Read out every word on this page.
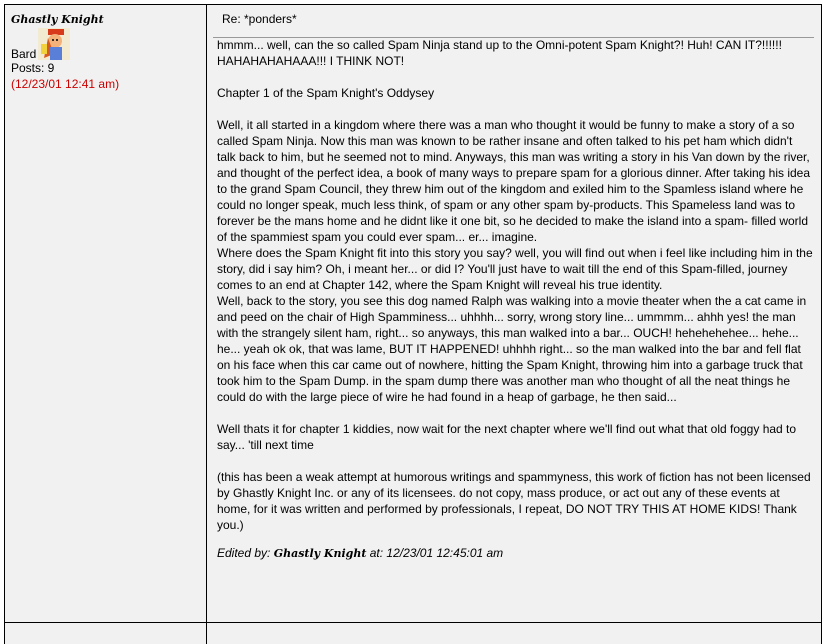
Ghastly Knight
Bard
Posts: 9
(12/23/01 12:41 am)
Re: *ponders*

hmmm... well, can the so called Spam Ninja stand up to the Omni-potent Spam Knight?! Huh! CAN IT?!!!!!! HAHAHAHAHAAA!!! I THINK NOT!

Chapter 1 of the Spam Knight's Oddysey

Well, it all started in a kingdom where there was a man who thought it would be funny to make a story of a so called Spam Ninja. Now this man was known to be rather insane and often talked to his pet ham which didn't talk back to him, but he seemed not to mind. Anyways, this man was writing a story in his Van down by the river, and thought of the perfect idea, a book of many ways to prepare spam for a glorious dinner. After taking his idea to the grand Spam Council, they threw him out of the kingdom and exiled him to the Spamless island where he could no longer speak, much less think, of spam or any other spam by-products. This Spameless land was to forever be the mans home and he didnt like it one bit, so he decided to make the island into a spam- filled world of the spammiest spam you could ever spam... er... imagine.
Where does the Spam Knight fit into this story you say? well, you will find out when i feel like including him in the story, did i say him? Oh, i meant her... or did I? You'll just have to wait till the end of this Spam-filled, journey comes to an end at Chapter 142, where the Spam Knight will reveal his true identity.
Well, back to the story, you see this dog named Ralph was walking into a movie theater when the a cat came in and peed on the chair of High Spamminess... uhhhh... sorry, wrong story line... ummmm... ahhh yes! the man with the strangely silent ham, right... so anyways, this man walked into a bar... OUCH! hehehehehee... hehe... he... yeah ok ok, that was lame, BUT IT HAPPENED! uhhhh right... so the man walked into the bar and fell flat on his face when this car came out of nowhere, hitting the Spam Knight, throwing him into a garbage truck that took him to the Spam Dump. in the spam dump there was another man who thought of all the neat things he could do with the large piece of wire he had found in a heap of garbage, he then said...

Well thats it for chapter 1 kiddies, now wait for the next chapter where we'll find out what that old foggy had to say... 'till next time

(this has been a weak attempt at humorous writings and spammyness, this work of fiction has not been licensed by Ghastly Knight Inc. or any of its licensees. do not copy, mass produce, or act out any of these events at home, for it was written and performed by professionals, I repeat, DO NOT TRY THIS AT HOME KIDS! Thank you.)

Edited by: Ghastly Knight at: 12/23/01 12:45:01 am
